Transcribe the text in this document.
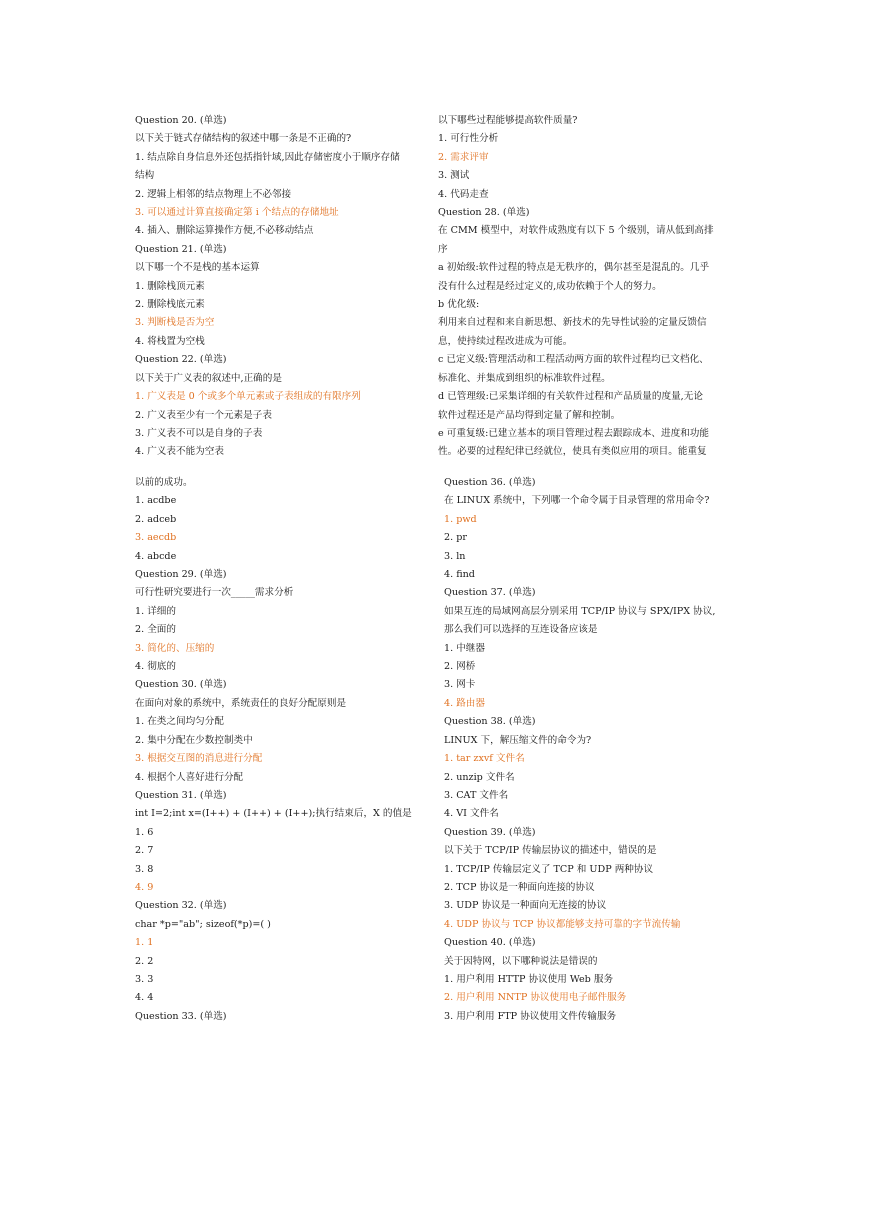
Question 20. (单选)
以下关于链式存储结构的叙述中哪一条是不正确的?
1. 结点除自身信息外还包括指针域,因此存储密度小于顺序存储
结构
2. 逻辑上相邻的结点物理上不必邻接
3. 可以通过计算直接确定第 i 个结点的存储地址
4. 插入、删除运算操作方便,不必移动结点
Question 21. (单选)
以下哪一个不是栈的基本运算
1. 删除栈顶元素
2. 删除栈底元素
3. 判断栈是否为空
4. 将栈置为空栈
Question 22. (单选)
以下关于广义表的叙述中,正确的是
1. 广义表是 0 个或多个单元素或子表组成的有限序列
2. 广义表至少有一个元素是子表
3. 广义表不可以是自身的子表
4. 广义表不能为空表
以下哪些过程能够提高软件质量?
1. 可行性分析
2. 需求评审
3. 测试
4. 代码走查
Question 28. (单选)
在 CMM 模型中，对软件成熟度有以下 5 个级别，请从低到高排
序
a 初始级:软件过程的特点是无秩序的，偶尔甚至是混乱的。几乎
没有什么过程是经过定义的,成功依赖于个人的努力。
b 优化级:
利用来自过程和来自新思想、新技术的先导性试验的定量反馈信
息，使持续过程改进成为可能。
c 已定义级:管理活动和工程活动两方面的软件过程均已文档化、
标准化、并集成到组织的标准软件过程。
d 已管理级:已采集详细的有关软件过程和产品质量的度量,无论
软件过程还是产品均得到定量了解和控制。
e 可重复级:已建立基本的项目管理过程去跟踪成本、进度和功能
性。必要的过程纪律已经就位，使具有类似应用的项目。能重复
以前的成功。
1. acdbe
2. adceb
3. aecdb
4. abcde
Question 29. (单选)
可行性研究要进行一次_____需求分析
1. 详细的
2. 全面的
3. 简化的、压缩的
4. 彻底的
Question 30. (单选)
在面向对象的系统中，系统责任的良好分配原则是
1. 在类之间均匀分配
2. 集中分配在少数控制类中
3. 根据交互图的消息进行分配
4. 根据个人喜好进行分配
Question 31. (单选)
int I=2;int x=(I++) + (I++) + (I++);执行结束后，X 的值是
1. 6
2. 7
3. 8
4. 9
Question 32. (单选)
char *p="ab"; sizeof(*p)=( )
1. 1
2. 2
3. 3
4. 4
Question 33. (单选)
Question 36. (单选)
在 LINUX 系统中，下列哪一个命令属于目录管理的常用命令?
1. pwd
2. pr
3. ln
4. find
Question 37. (单选)
如果互连的局域网高层分别采用 TCP/IP 协议与 SPX/IPX 协议,
那么我们可以选择的互连设备应该是
1. 中继器
2. 网桥
3. 网卡
4. 路由器
Question 38. (单选)
LINUX 下，解压缩文件的命令为?
1. tar zxvf 文件名
2. unzip 文件名
3. CAT 文件名
4. VI 文件名
Question 39. (单选)
以下关于 TCP/IP 传输层协议的描述中，错误的是
1. TCP/IP 传输层定义了 TCP 和 UDP 两种协议
2. TCP 协议是一种面向连接的协议
3. UDP 协议是一种面向无连接的协议
4. UDP 协议与 TCP 协议都能够支持可靠的字节流传输
Question 40. (单选)
关于因特网，以下哪种说法是错误的
1. 用户利用 HTTP 协议使用 Web 服务
2. 用户利用 NNTP 协议使用电子邮件服务
3. 用户利用 FTP 协议使用文件传输服务
